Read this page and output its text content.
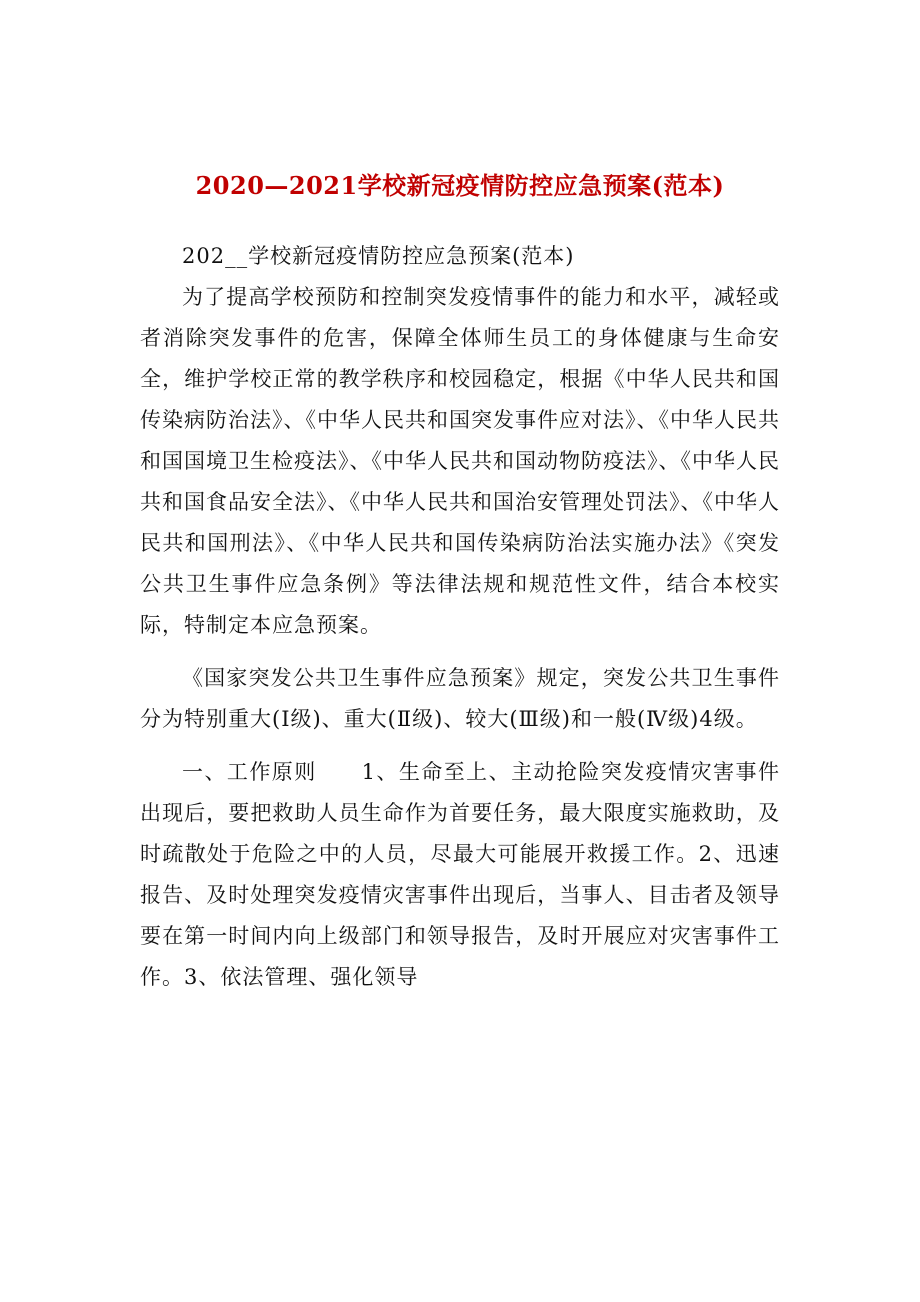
2020—2021学校新冠疫情防控应急预案(范本)

202__学校新冠疫情防控应急预案(范本)

为了提高学校预防和控制突发疫情事件的能力和水平，减轻或者消除突发事件的危害，保障全体师生员工的身体健康与生命安全，维护学校正常的教学秩序和校园稳定，根据《中华人民共和国传染病防治法》、《中华人民共和国突发事件应对法》、《中华人民共和国国境卫生检疫法》、《中华人民共和国动物防疫法》、《中华人民共和国食品安全法》、《中华人民共和国治安管理处罚法》、《中华人民共和国刑法》、《中华人民共和国传染病防治法实施办法》《突发公共卫生事件应急条例》等法律法规和规范性文件，结合本校实际，特制定本应急预案。

《国家突发公共卫生事件应急预案》规定，突发公共卫生事件分为特别重大(Ⅰ级)、重大(Ⅱ级)、较大(Ⅲ级)和一般(Ⅳ级)4级。

一、工作原则　　1、生命至上、主动抢险突发疫情灾害事件出现后，要把救助人员生命作为首要任务，最大限度实施救助，及时疏散处于危险之中的人员，尽最大可能展开救援工作。2、迅速报告、及时处理突发疫情灾害事件出现后，当事人、目击者及领导要在第一时间内向上级部门和领导报告，及时开展应对灾害事件工作。3、依法管理、强化领导
